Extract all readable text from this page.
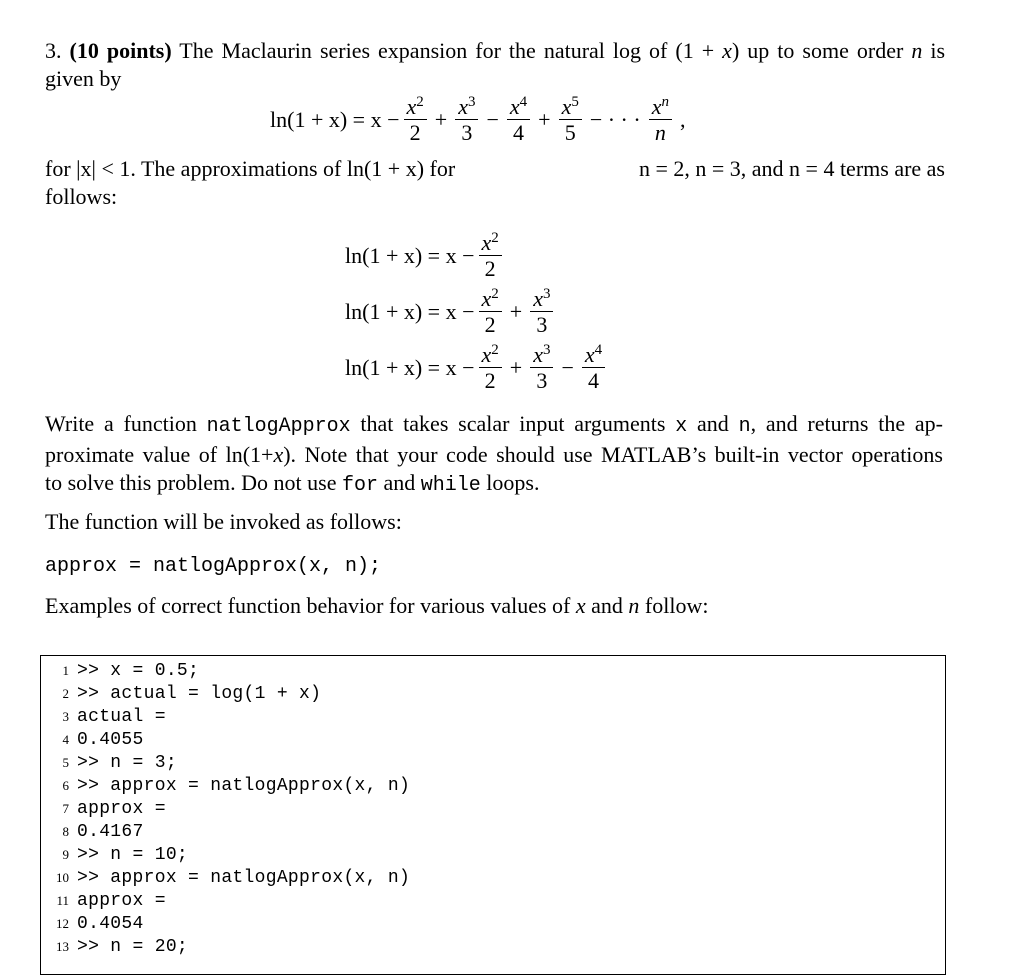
3. (10 points) The Maclaurin series expansion for the natural log of (1 + x) up to some order n is given by
$\ln(1 + x) = x - \frac{x^2}{2} + \frac{x^3}{3} - \frac{x^4}{4} + \frac{x^5}{5}$ − · · · $\frac{x^n}{n}$ ,
for |x| < 1. The approximations of ln(1 + x) for	n = 2, n = 3, and n = 4 terms are as
follows:
$\ln(1 + x) = x - \frac{x^2}{2}$
$\ln(1 + x) = x - \frac{x^2}{2} + \frac{x^3}{3}$
$\ln(1 + x) = x - \frac{x^2}{2} + \frac{x^3}{3} - \frac{x^4}{4}$
Write a function natlogApprox that takes scalar input arguments x and n, and returns the ap-
proximate value of ln(1+x). Note that your code should use MATLAB’s built-in vector operations
to solve this problem. Do not use for and while loops.
The function will be invoked as follows:
approx = natlogApprox(x, n);
Examples of correct function behavior for various values of x and n follow:
1 >> x = 0.5;
2 >> actual = log(1 + x)
3 actual =
4 0.4055
5 >> n = 3;
6 >> approx = natlogApprox(x, n)
7 approx =
8 0.4167
9 >> n = 10;
10 >> approx = natlogApprox(x, n)
11 approx =
12 0.4054
13 >> n = 20;
